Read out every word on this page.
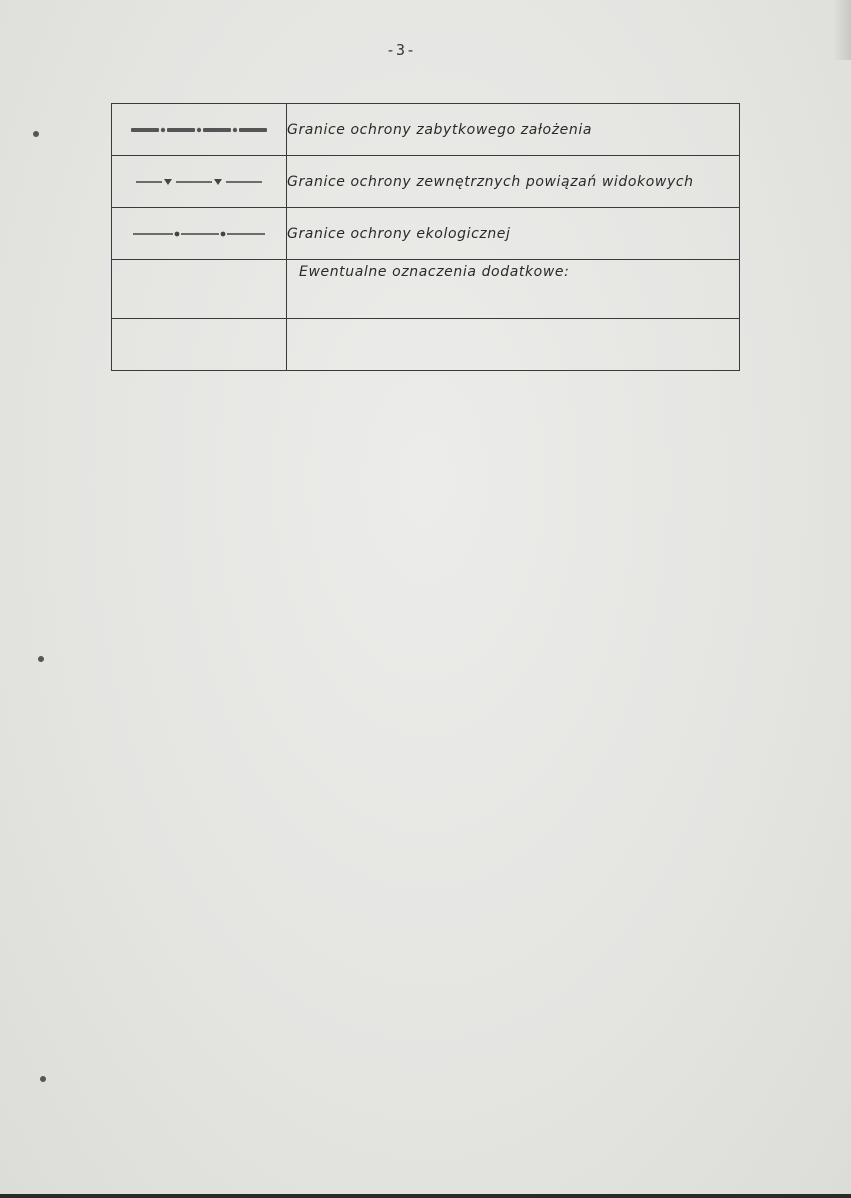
-3-
	Granice ochrony zabytkowego założenia

	Granice ochrony zewnętrznych powiązań widokowych

	Granice ochrony ekologicznej
	Ewentualne oznaczenia dodatkowe:
